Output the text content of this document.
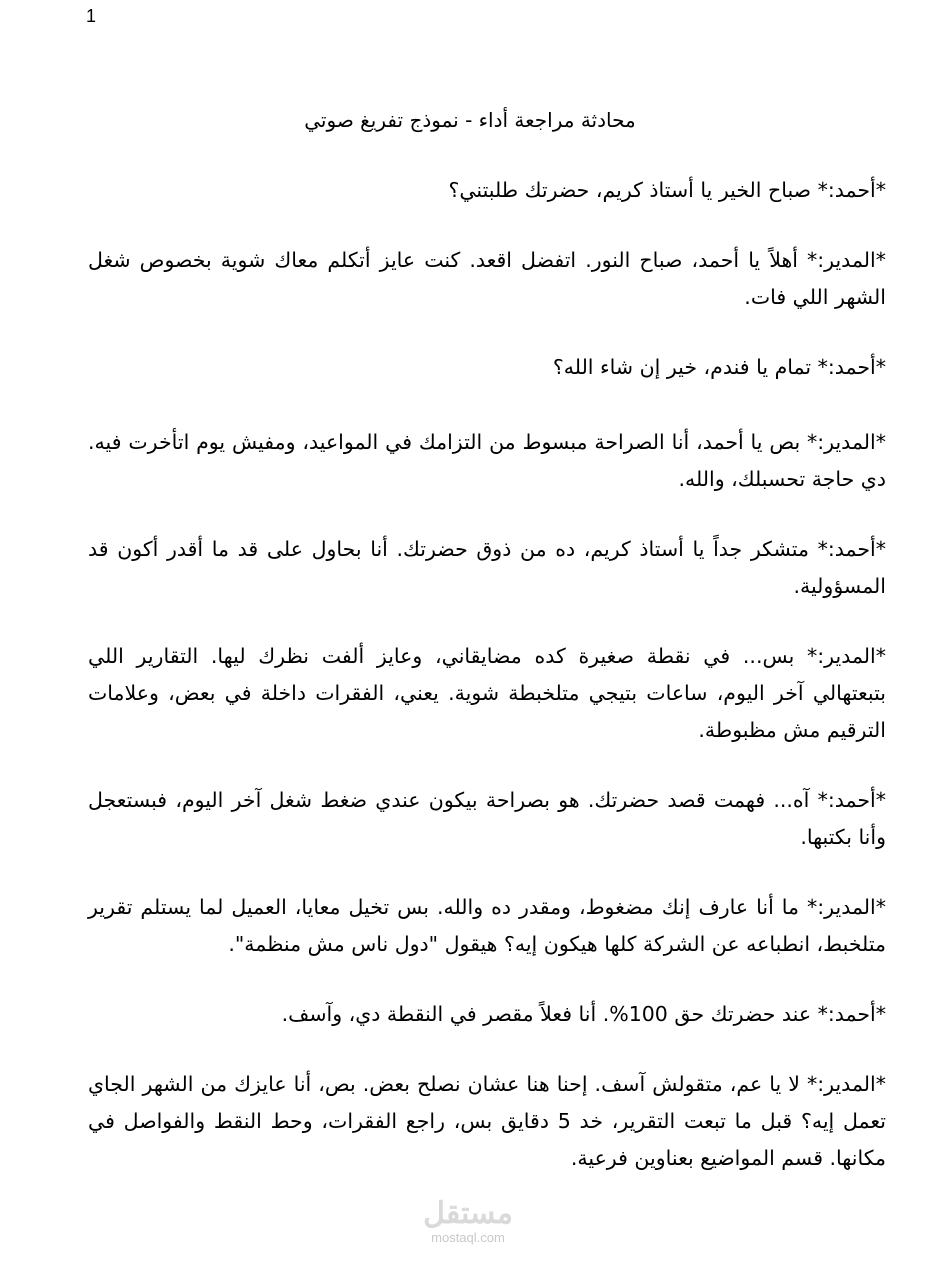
1
محادثة مراجعة أداء - نموذج تفريغ صوتي

*أحمد:* صباح الخير يا أستاذ كريم، حضرتك طلبتني؟

*المدير:* أهلاً يا أحمد، صباح النور. اتفضل اقعد. كنت عايز أتكلم معاك شوية بخصوص شغل الشهر اللي فات.

*أحمد:* تمام يا فندم، خير إن شاء الله؟

*المدير:* بص يا أحمد، أنا الصراحة مبسوط من التزامك في المواعيد، ومفيش يوم اتأخرت فيه. دي حاجة تحسبلك، والله.

*أحمد:* متشكر جداً يا أستاذ كريم، ده من ذوق حضرتك. أنا بحاول على قد ما أقدر أكون قد المسؤولية.

*المدير:* بس... في نقطة صغيرة كده مضايقاني، وعايز ألفت نظرك ليها. التقارير اللي بتبعتهالي آخر اليوم، ساعات بتيجي متلخبطة شوية. يعني، الفقرات داخلة في بعض، وعلامات الترقيم مش مظبوطة.

*أحمد:* آه... فهمت قصد حضرتك. هو بصراحة بيكون عندي ضغط شغل آخر اليوم، فبستعجل وأنا بكتبها.

*المدير:* ما أنا عارف إنك مضغوط، ومقدر ده والله. بس تخيل معايا، العميل لما يستلم تقرير متلخبط، انطباعه عن الشركة كلها هيكون إيه؟ هيقول "دول ناس مش منظمة".

*أحمد:* عند حضرتك حق 100%. أنا فعلاً مقصر في النقطة دي، وآسف.

*المدير:* لا يا عم، متقولش آسف. إحنا هنا عشان نصلح بعض. بص، أنا عايزك من الشهر الجاي تعمل إيه؟ قبل ما تبعت التقرير، خد 5 دقايق بس، راجع الفقرات، وحط النقط والفواصل في مكانها. قسم المواضيع بعناوين فرعية.

مستقل
mostaql.com
